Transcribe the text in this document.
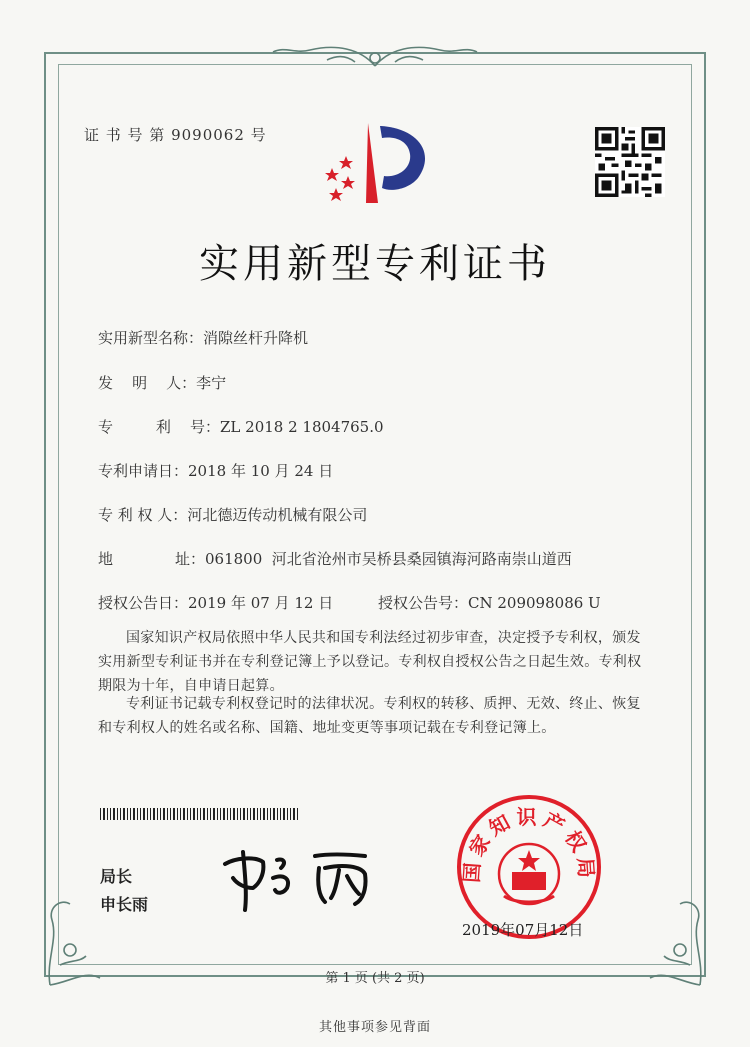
证 书 号 第 9090062 号
实用新型专利证书
实用新型名称：消隙丝杆升降机
发    明    人：李宁
专         利    号：ZL 2018 2 1804765.0
专利申请日：2018 年 10 月 24 日
专 利 权 人：河北德迈传动机械有限公司
地             址：061800  河北省沧州市吴桥县桑园镇海河路南崇山道西
授权公告日：2019 年 07 月 12 日	授权公告号：CN 209098086 U
国家知识产权局依照中华人民共和国专利法经过初步审查，决定授予专利权，颁发实用新型专利证书并在专利登记簿上予以登记。专利权自授权公告之日起生效。专利权期限为十年，自申请日起算。
专利证书记载专利权登记时的法律状况。专利权的转移、质押、无效、终止、恢复和专利权人的姓名或名称、国籍、地址变更等事项记载在专利登记簿上。
国家知识产权局
局长
申长雨
2019年07月12日
第 1 页 (共 2 页)
其他事项参见背面
